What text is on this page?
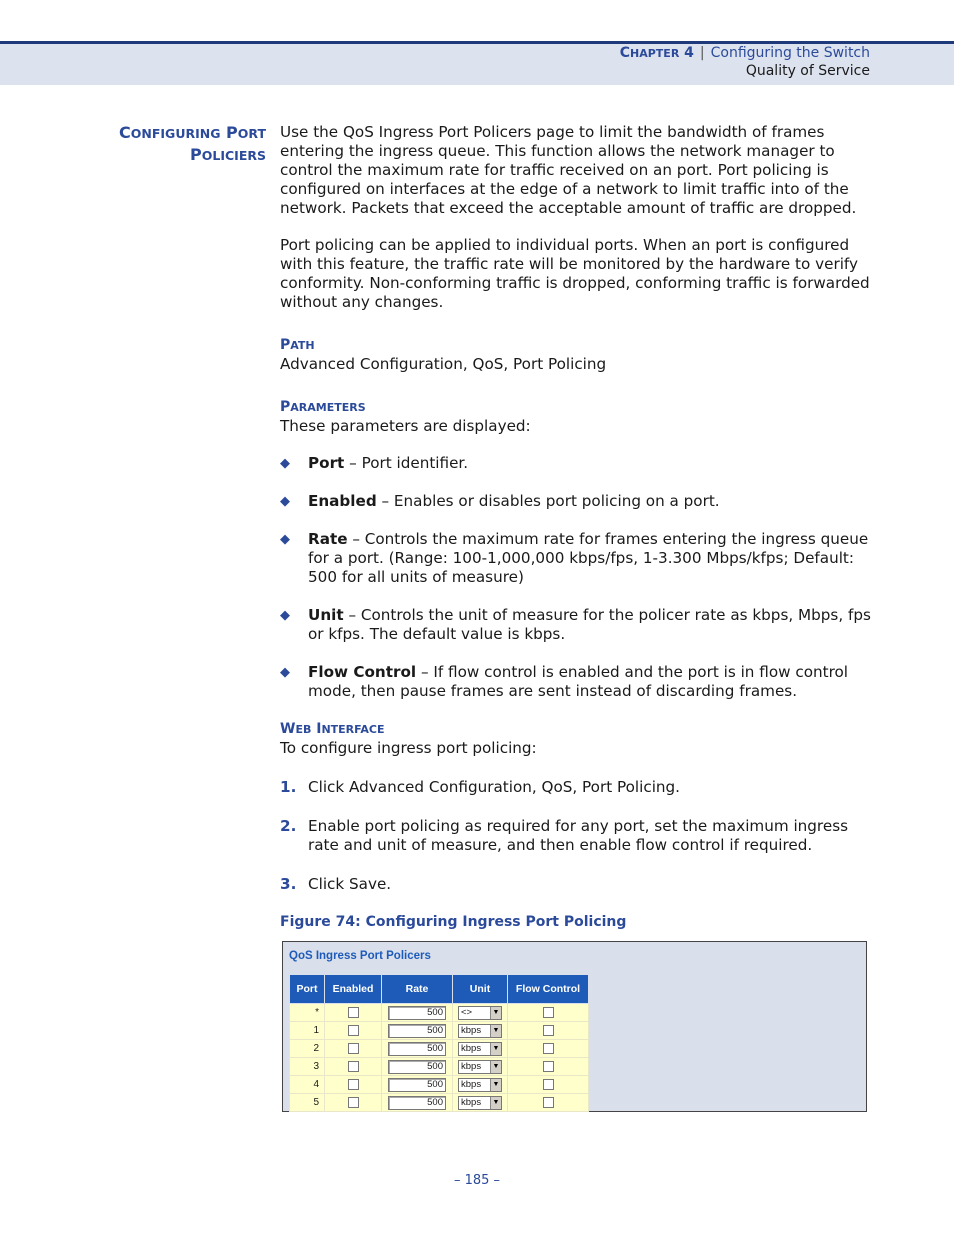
CHAPTER 4 | Configuring the Switch
Quality of Service
CONFIGURING PORT
POLICIERS

Use the QoS Ingress Port Policers page to limit the bandwidth of frames entering the ingress queue. This function allows the network manager to control the maximum rate for traffic received on an port. Port policing is configured on interfaces at the edge of a network to limit traffic into of the network. Packets that exceed the acceptable amount of traffic are dropped.

Port policing can be applied to individual ports. When an port is configured with this feature, the traffic rate will be monitored by the hardware to verify conformity. Non-conforming traffic is dropped, conforming traffic is forwarded without any changes.

PATH
Advanced Configuration, QoS, Port Policing
PARAMETERS
These parameters are displayed:
◆ Port – Port identifier.
◆ Enabled – Enables or disables port policing on a port.
◆ Rate – Controls the maximum rate for frames entering the ingress queue for a port. (Range: 100-1,000,000 kbps/fps, 1-3.300 Mbps/kfps; Default: 500 for all units of measure)
◆ Unit – Controls the unit of measure for the policer rate as kbps, Mbps, fps or kfps. The default value is kbps.
◆ Flow Control – If flow control is enabled and the port is in flow control mode, then pause frames are sent instead of discarding frames.
WEB INTERFACE
To configure ingress port policing:
1. Click Advanced Configuration, QoS, Port Policing.
2. Enable port policing as required for any port, set the maximum ingress rate and unit of measure, and then enable flow control if required.
3. Click Save.
Figure 74: Configuring Ingress Port Policing
QoS Ingress Port Policers
Port	Enabled	Rate	Unit	Flow Control
*		500	<> ▼	

1		500	kbps ▼	

2		500	kbps ▼	

3		500	kbps ▼	

4		500	kbps ▼	

5		500	kbps ▼	

– 185 –
